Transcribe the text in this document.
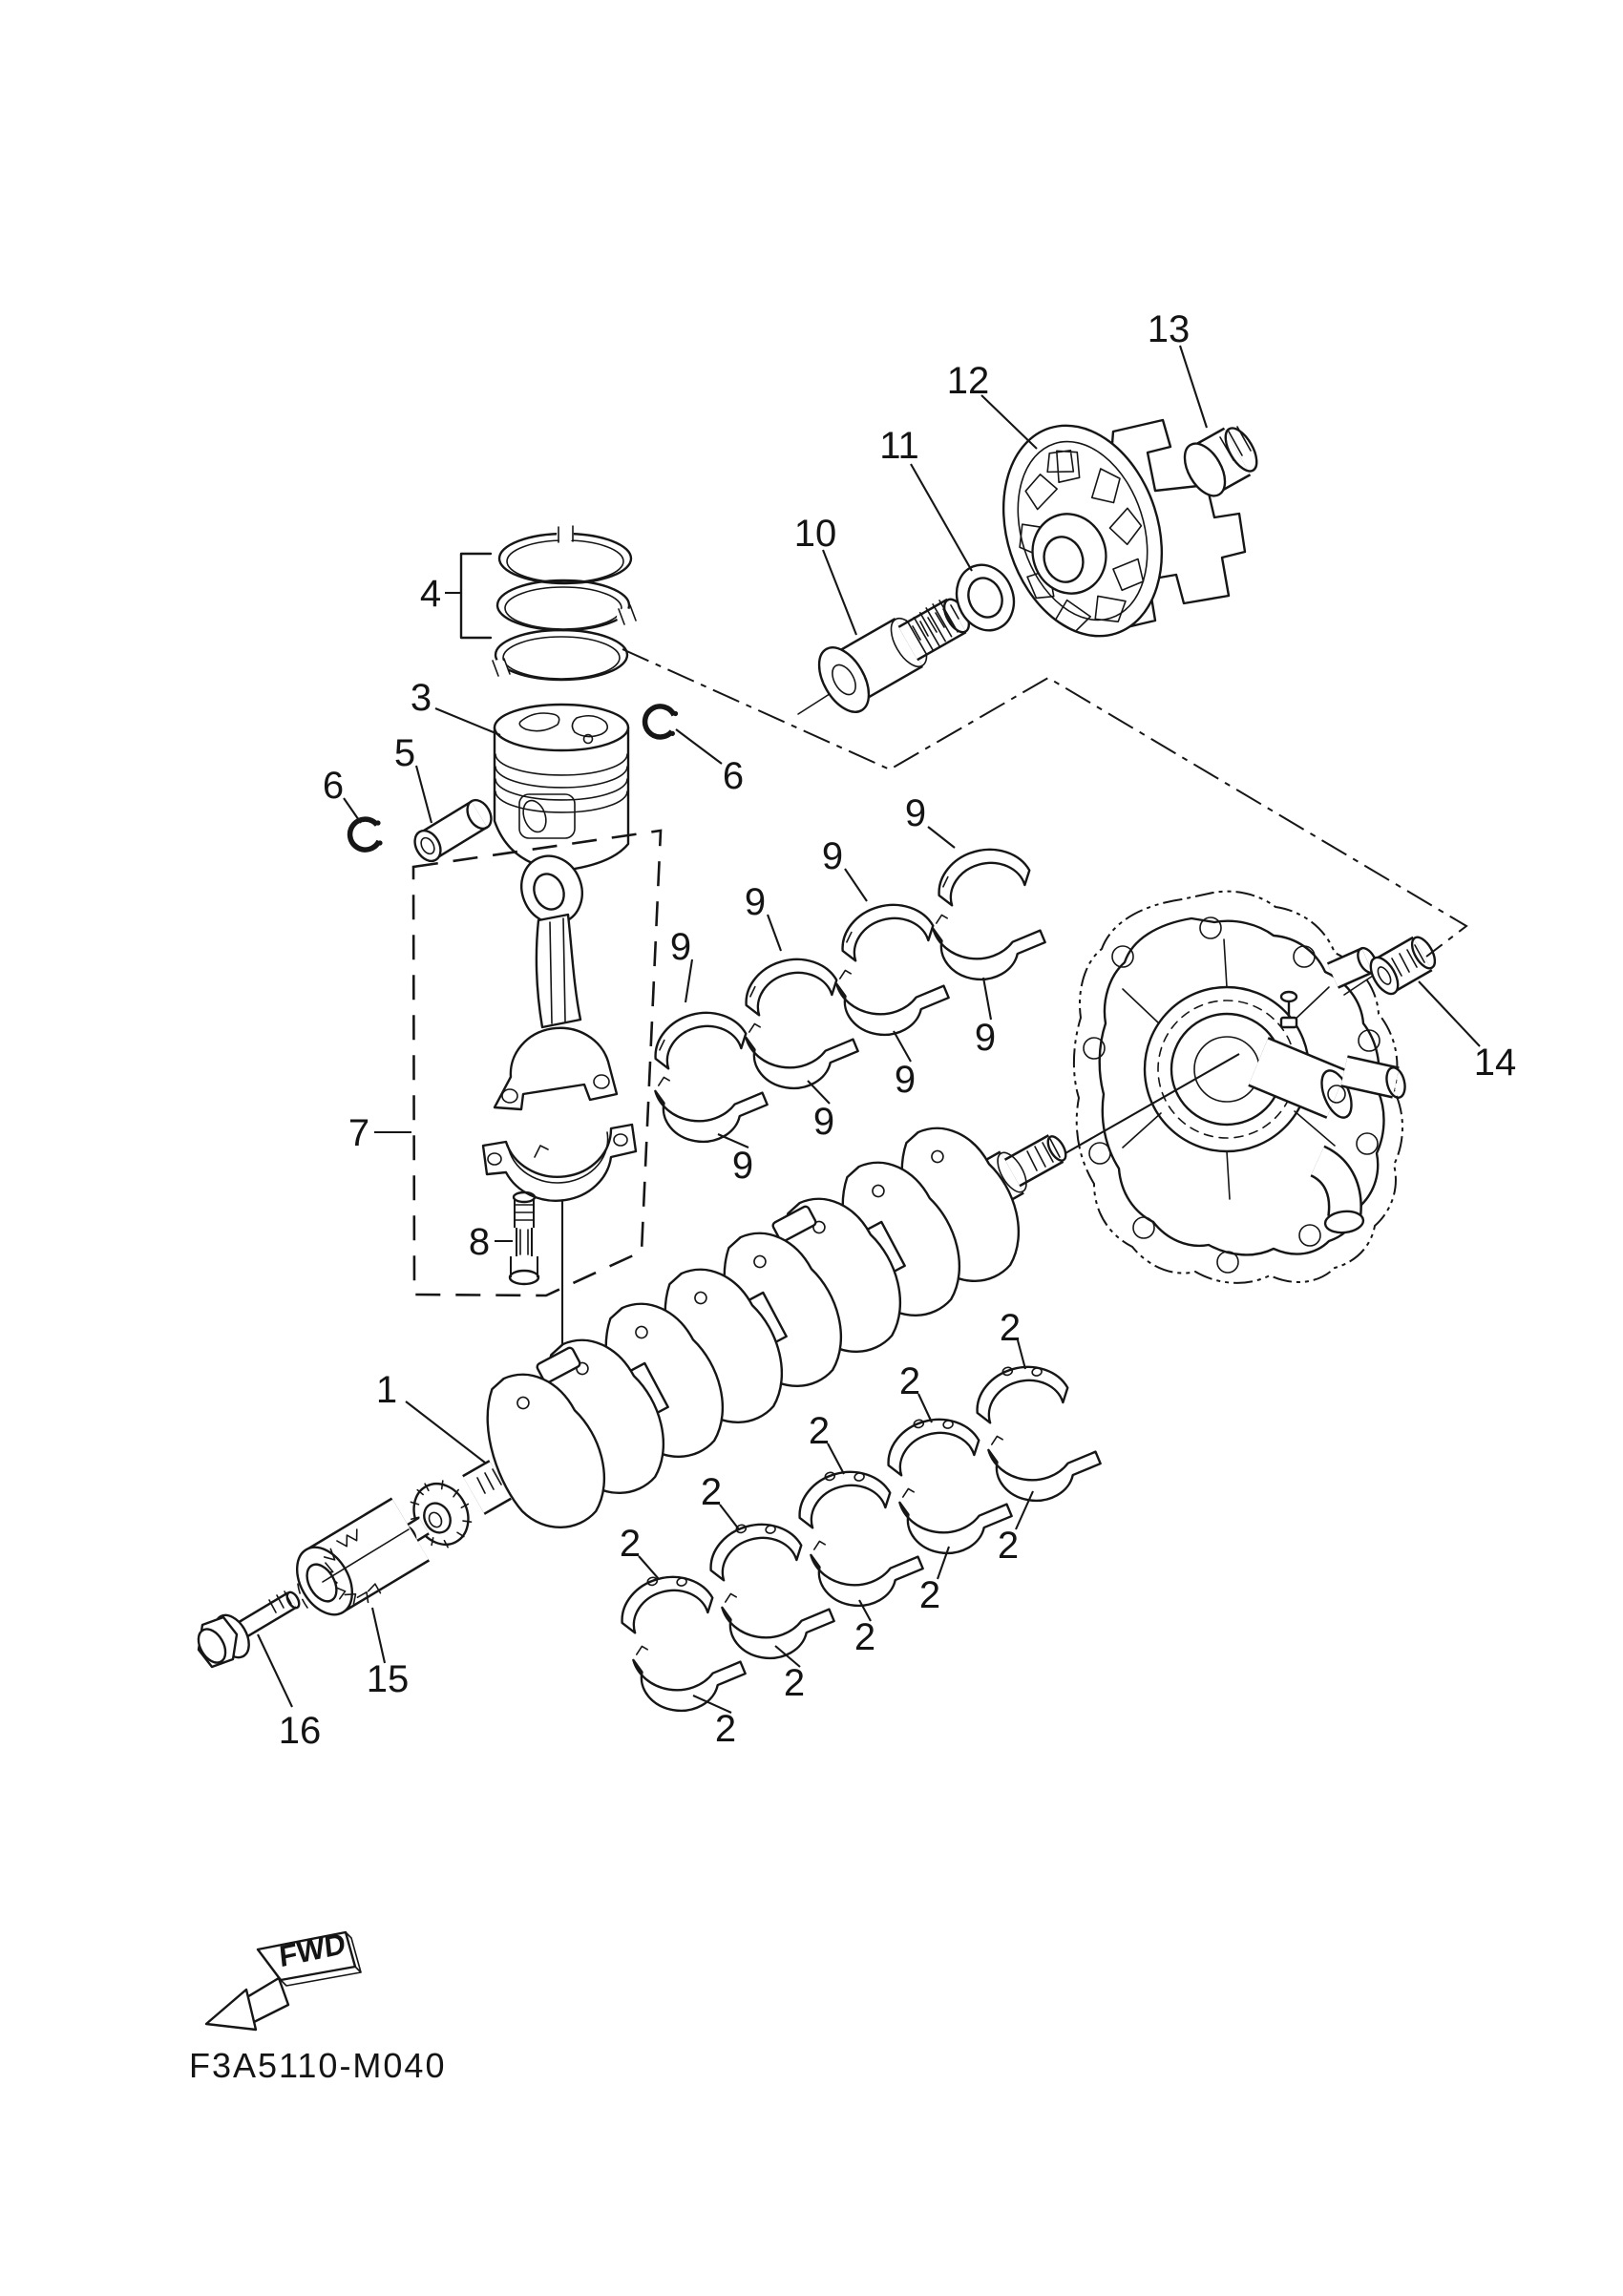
FWD
F3A5110-M040
1
2
2
2
2
2	2
2
2
2
2
3
4
5
6	6
7
8
9
9
9
9
9
9
9
9
10
11
12
13
14
15
16
